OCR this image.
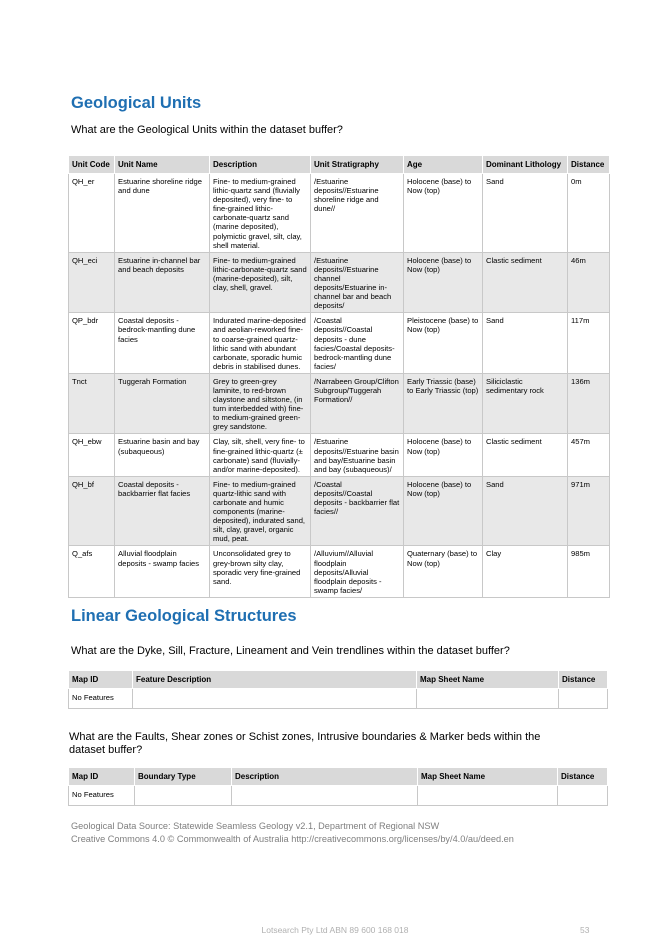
Geological Units

What are the Geological Units within the dataset buffer?

Unit Code	Unit Name	Description	Unit Stratigraphy	Age	Dominant Lithology	Distance
QH_er	Estuarine shoreline ridge and dune	Fine- to medium-grained lithic-quartz sand (fluvially deposited), very fine- to fine-grained lithic-carbonate-quartz sand (marine deposited), polymictic gravel, silt, clay, shell material.	/Estuarine deposits//Estuarine shoreline ridge and dune//	Holocene (base) to Now (top)	Sand	0m
QH_eci	Estuarine in-channel bar and beach deposits	Fine- to medium-grained lithic-carbonate-quartz sand (marine-deposited), silt, clay, shell, gravel.	/Estuarine deposits//Estuarine channel deposits/Estuarine in-channel bar and beach deposits/	Holocene (base) to Now (top)	Clastic sediment	46m
QP_bdr	Coastal deposits - bedrock-mantling dune facies	Indurated marine-deposited and aeolian-reworked fine- to coarse-grained quartz-lithic sand with abundant carbonate, sporadic humic debris in stabilised dunes.	/Coastal deposits//Coastal deposits - dune facies/Coastal deposits-bedrock-mantling dune facies/	Pleistocene (base) to Now (top)	Sand	117m
Tnct	Tuggerah Formation	Grey to green-grey laminite, to red-brown claystone and siltstone, (in turn interbedded with) fine- to medium-grained green-grey sandstone.	/Narrabeen Group/Clifton Subgroup/Tuggerah Formation//	Early Triassic (base) to Early Triassic (top)	Siliciclastic sedimentary rock	136m
QH_ebw	Estuarine basin and bay (subaqueous)	Clay, silt, shell, very fine- to fine-grained lithic-quartz (± carbonate) sand (fluvially-and/or marine-deposited).	/Estuarine deposits//Estuarine basin and bay/Estuarine basin and bay (subaqueous)/	Holocene (base) to Now (top)	Clastic sediment	457m
QH_bf	Coastal deposits - backbarrier flat facies	Fine- to medium-grained quartz-lithic sand with carbonate and humic components (marine-deposited), indurated sand, silt, clay, gravel, organic mud, peat.	/Coastal deposits//Coastal deposits - backbarrier flat facies//	Holocene (base) to Now (top)	Sand	971m
Q_afs	Alluvial floodplain deposits - swamp facies	Unconsolidated grey to grey-brown silty clay, sporadic very fine-grained sand.	/Alluvium//Alluvial floodplain deposits/Alluvial floodplain deposits - swamp facies/	Quaternary (base) to Now (top)	Clay	985m
Linear Geological Structures

What are the Dyke, Sill, Fracture, Lineament and Vein trendlines within the dataset buffer?

Map ID	Feature Description	Map Sheet Name	Distance
No Features			

What are the Faults, Shear zones or Schist zones, Intrusive boundaries & Marker beds within the dataset buffer?

Map ID	Boundary Type	Description	Map Sheet Name	Distance
No Features				

Geological Data Source: Statewide Seamless Geology v2.1, Department of Regional NSW

Creative Commons 4.0 © Commonwealth of Australia http://creativecommons.org/licenses/by/4.0/au/deed.en

Lotsearch Pty Ltd ABN 89 600 168 018	53
